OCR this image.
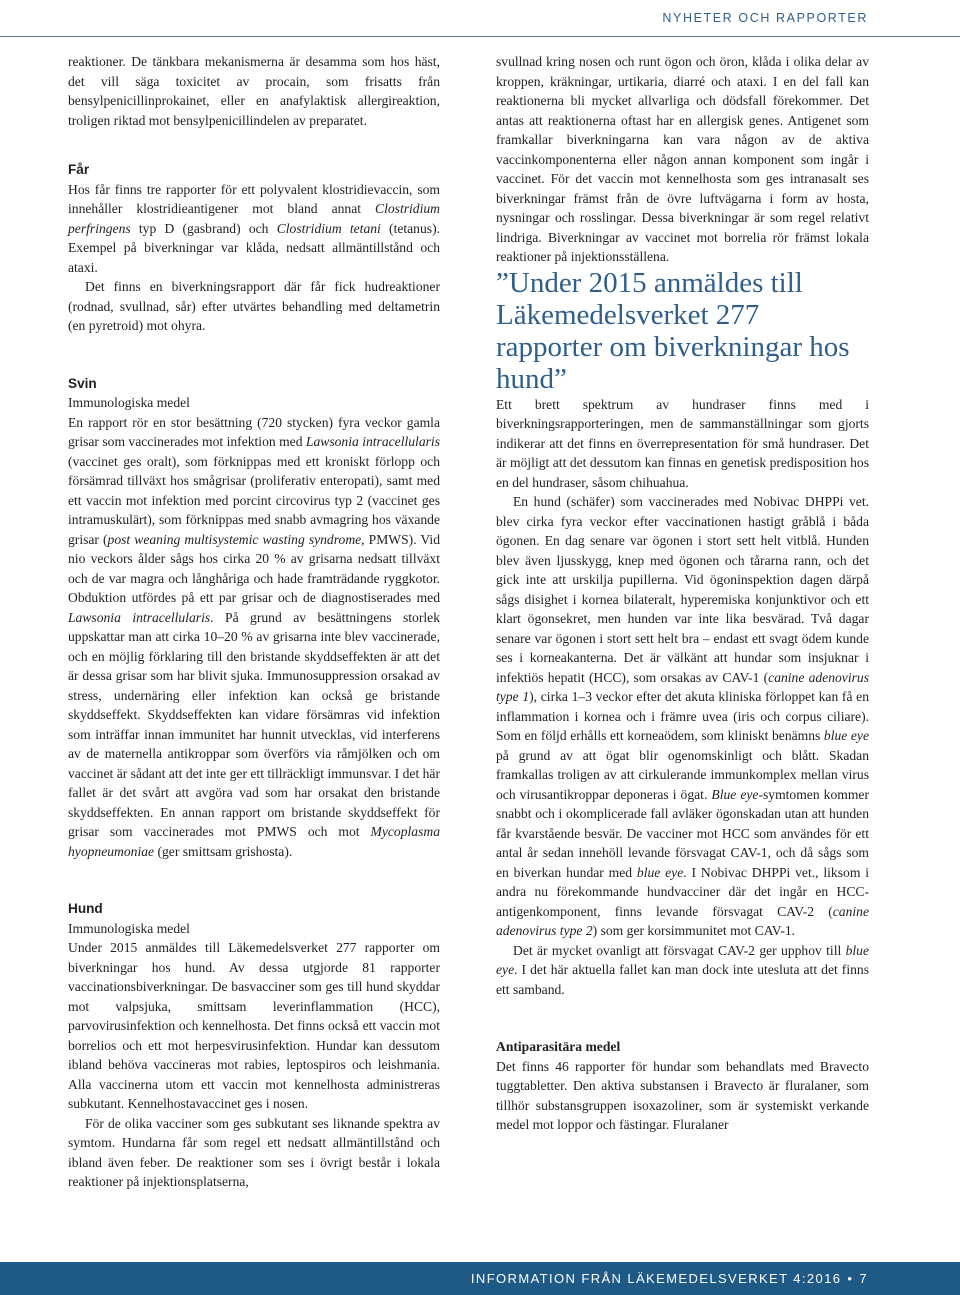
NYHETER OCH RAPPORTER

reaktioner. De tänkbara mekanismerna är desamma som hos häst, det vill säga toxicitet av procain, som frisatts från bensylpenicillinprokainet, eller en anafylaktisk allergireaktion, troligen riktad mot bensylpenicillindelen av preparatet.

Får

Hos får finns tre rapporter för ett polyvalent klostridievaccin, som innehåller klostridieantigener mot bland annat Clostridium perfringens typ D (gasbrand) och Clostridium tetani (tetanus). Exempel på biverkningar var klåda, nedsatt allmäntillstånd och ataxi.

Det finns en biverkningsrapport där får fick hudreaktioner (rodnad, svullnad, sår) efter utvärtes behandling med deltametrin (en pyretroid) mot ohyra.

Svin

Immunologiska medel

En rapport rör en stor besättning (720 stycken) fyra veckor gamla grisar som vaccinerades mot infektion med Lawsonia intracellularis (vaccinet ges oralt), som förknippas med ett kroniskt förlopp och försämrad tillväxt hos smågrisar (proliferativ enteropati), samt med ett vaccin mot infektion med porcint circovirus typ 2 (vaccinet ges intramuskulärt), som förknippas med snabb avmagring hos växande grisar (post weaning multisystemic wasting syndrome, PMWS). Vid nio veckors ålder sågs hos cirka 20 % av grisarna nedsatt tillväxt och de var magra och långhåriga och hade framträdande ryggkotor. Obduktion utfördes på ett par grisar och de diagnostiserades med Lawsonia intracellularis. På grund av besättningens storlek uppskattar man att cirka 10–20 % av grisarna inte blev vaccinerade, och en möjlig förklaring till den bristande skyddseffekten är att det är dessa grisar som har blivit sjuka. Immunosuppression orsakad av stress, undernäring eller infektion kan också ge bristande skyddseffekt. Skyddseffekten kan vidare försämras vid infektion som inträffar innan immunitet har hunnit utvecklas, vid interferens av de maternella antikroppar som överförs via råmjölken och om vaccinet är sådant att det inte ger ett tillräckligt immunsvar. I det här fallet är det svårt att avgöra vad som har orsakat den bristande skyddseffekten. En annan rapport om bristande skyddseffekt för grisar som vaccinerades mot PMWS och mot Mycoplasma hyopneumoniae (ger smittsam grishosta).

Hund

Immunologiska medel

Under 2015 anmäldes till Läkemedelsverket 277 rapporter om biverkningar hos hund. Av dessa utgjorde 81 rapporter vaccinationsbiverkningar. De basvacciner som ges till hund skyddar mot valpsjuka, smittsam leverinflammation (HCC), parvovirusinfektion och kennelhosta. Det finns också ett vaccin mot borrelios och ett mot herpesvirusinfektion. Hundar kan dessutom ibland behöva vaccineras mot rabies, leptospiros och leishmania. Alla vaccinerna utom ett vaccin mot kennelhosta administreras subkutant. Kennelhostavaccinet ges i nosen.

För de olika vacciner som ges subkutant ses liknande spektra av symtom. Hundarna får som regel ett nedsatt allmäntillstånd och ibland även feber. De reaktioner som ses i övrigt består i lokala reaktioner på injektionsplatserna,

svullnad kring nosen och runt ögon och öron, klåda i olika delar av kroppen, kräkningar, urtikaria, diarré och ataxi. I en del fall kan reaktionerna bli mycket allvarliga och dödsfall förekommer. Det antas att reaktionerna oftast har en allergisk genes. Antigenet som framkallar biverkningarna kan vara någon av de aktiva vaccinkomponenterna eller någon annan komponent som ingår i vaccinet. För det vaccin mot kennelhosta som ges intranasalt ses biverkningar främst från de övre luftvägarna i form av hosta, nysningar och rosslingar. Dessa biverkningar är som regel relativt lindriga. Biverkningar av vaccinet mot borrelia rör främst lokala reaktioner på injektionsställena.

”Under 2015 anmäldes till Läkemedelsverket 277 rapporter om biverkningar hos hund”

Ett brett spektrum av hundraser finns med i biverkningsrapporteringen, men de sammanställningar som gjorts indikerar att det finns en överrepresentation för små hundraser. Det är möjligt att det dessutom kan finnas en genetisk predisposition hos en del hundraser, såsom chihuahua.

En hund (schäfer) som vaccinerades med Nobivac DHPPi vet. blev cirka fyra veckor efter vaccinationen hastigt gråblå i båda ögonen. En dag senare var ögonen i stort sett helt vitblå. Hunden blev även ljusskygg, knep med ögonen och tårarna rann, och det gick inte att urskilja pupillerna. Vid ögoninspektion dagen därpå sågs disighet i kornea bilateralt, hyperemiska konjunktivor och ett klart ögonsekret, men hunden var inte lika besvärad. Två dagar senare var ögonen i stort sett helt bra – endast ett svagt ödem kunde ses i korneakanterna. Det är välkänt att hundar som insjuknar i infektiös hepatit (HCC), som orsakas av CAV-1 (canine adenovirus type 1), cirka 1–3 veckor efter det akuta kliniska förloppet kan få en inflammation i kornea och i främre uvea (iris och corpus ciliare). Som en följd erhålls ett korneaödem, som kliniskt benämns blue eye på grund av att ögat blir ogenomskinligt och blått. Skadan framkallas troligen av att cirkulerande immunkomplex mellan virus och virusantikroppar deponeras i ögat. Blue eye-symtomen kommer snabbt och i okomplicerade fall avläker ögonskadan utan att hunden får kvarstående besvär. De vacciner mot HCC som användes för ett antal år sedan innehöll levande försvagat CAV-1, och då sågs som en biverkan hundar med blue eye. I Nobivac DHPPi vet., liksom i andra nu förekommande hundvacciner där det ingår en HCC-antigenkomponent, finns levande försvagat CAV-2 (canine adenovirus type 2) som ger korsimmunitet mot CAV-1.

Det är mycket ovanligt att försvagat CAV-2 ger upphov till blue eye. I det här aktuella fallet kan man dock inte utesluta att det finns ett samband.

Antiparasitära medel

Det finns 46 rapporter för hundar som behandlats med Bravecto tuggtabletter. Den aktiva substansen i Bravecto är fluralaner, som tillhör substansgruppen isoxazoliner, som är systemiskt verkande medel mot loppor och fästingar. Fluralaner

INFORMATION FRÅN LÄKEMEDELSVERKET 4:2016 • 7
